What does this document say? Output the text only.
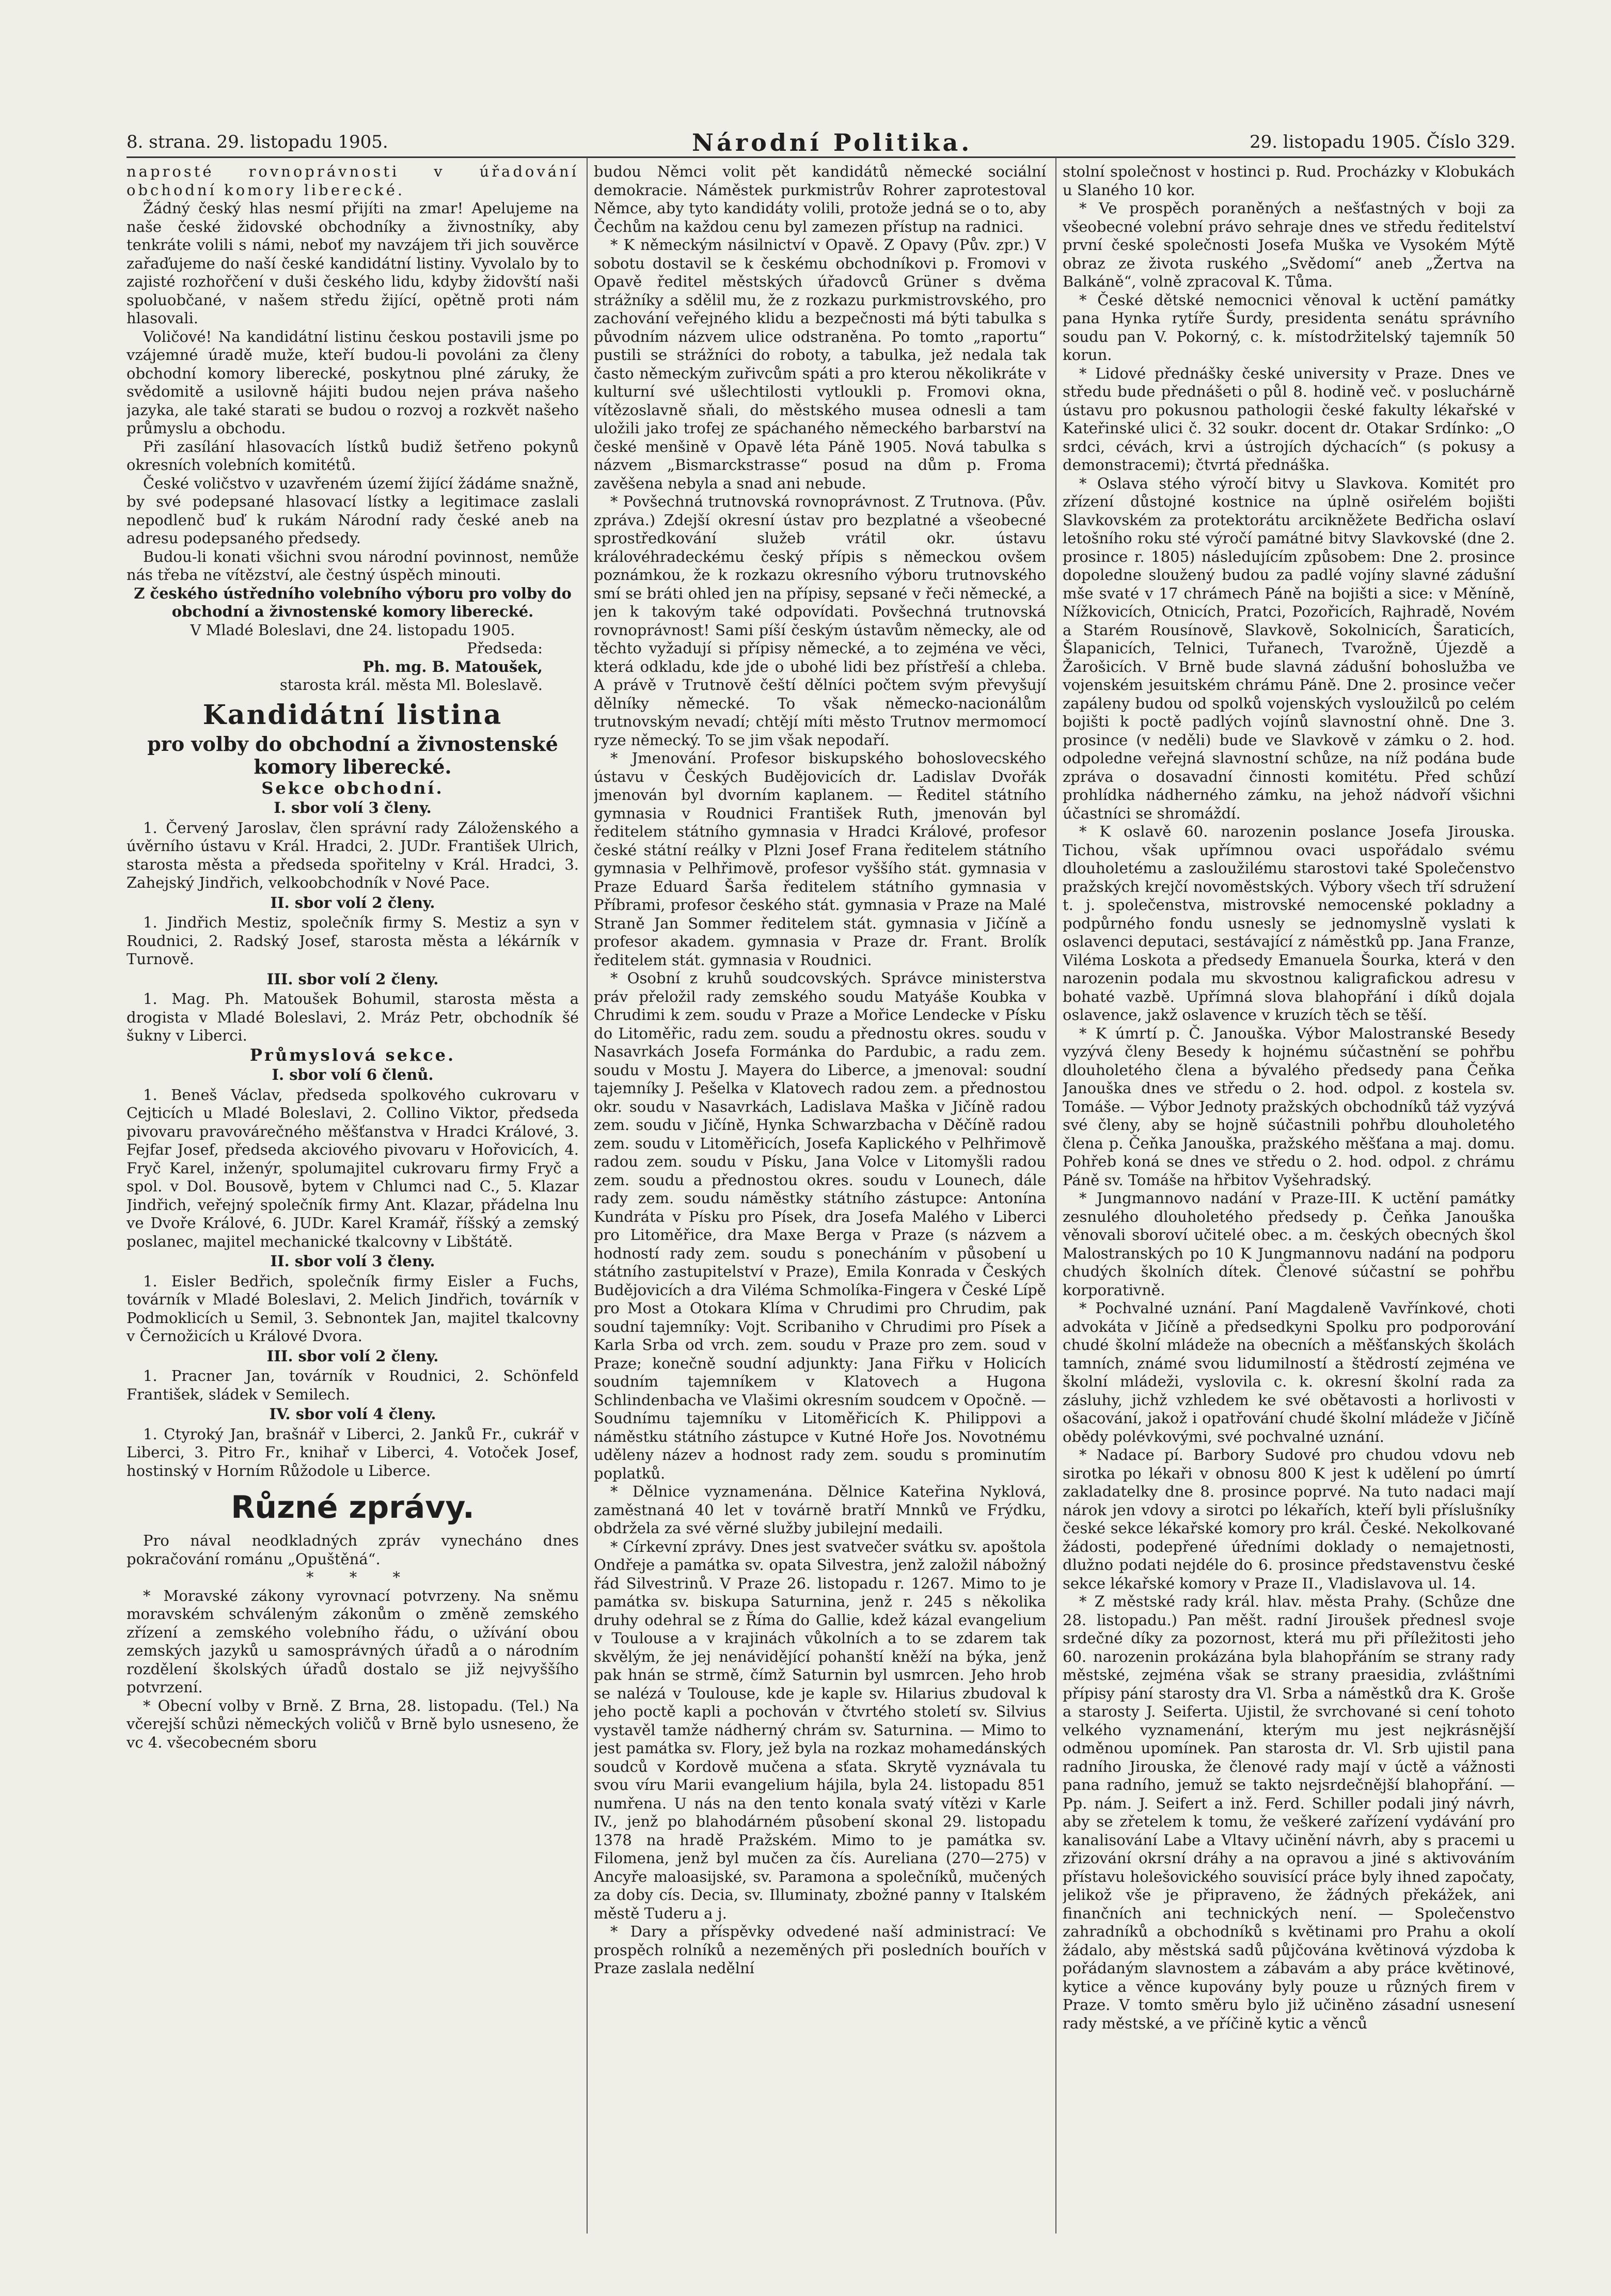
8. strana. 29. listopadu 1905.	Národní Politika.	29. listopadu 1905. Číslo 329.

naprosté rovnoprávnosti v úřadování obchodní komory liberecké.

Žádný český hlas nesmí přijíti na zmar! Apelujeme na naše české židovské obchodníky a živnostníky, aby tenkráte volili s námi, neboť my navzájem tři jich souvěrce zařaďujeme do naší české kandidátní listiny. Vyvolalo by to zajisté rozhořčení v duši českého lidu, kdyby židovští naši spoluobčané, v našem středu žijící, opětně proti nám hlasovali.

Voličové! Na kandidátní listinu českou postavili jsme po vzájemné úradě muže, kteří budou-li povoláni za členy obchodní komory liberecké, poskytnou plné záruky, že svědomitě a usilovně hájiti budou nejen práva našeho jazyka, ale také starati se budou o rozvoj a rozkvět našeho průmyslu a obchodu.

Při zasílání hlasovacích lístků budiž šetřeno pokynů okresních volebních komitétů.

České voličstvo v uzavřeném území žijící žádáme snažně, by své podepsané hlasovací lístky a legitimace zaslali nepodlenč buď k rukám Národní rady české aneb na adresu podepsaného předsedy.

Budou-li konati všichni svou národní povinnost, nemůže nás třeba ne vítězství, ale čestný úspěch minouti.

Z českého ústředního volebního výboru pro volby do obchodní a živnostenské komory liberecké.

V Mladé Boleslavi, dne 24. listopadu 1905.

Předseda:

Ph. mg. B. Matoušek,

starosta král. města Ml. Boleslavě.

Kandidátní listina
pro volby do obchodní a živnostenské komory liberecké.
Sekce obchodní.
I. sbor volí 3 členy.

1. Červený Jaroslav, člen správní rady Záloženského a úvěrního ústavu v Král. Hradci, 2. JUDr. František Ulrich, starosta města a předseda spořitelny v Král. Hradci, 3. Zahejský Jindřich, velkoobchodník v Nové Pace.

II. sbor volí 2 členy.

1. Jindřich Mestiz, společník firmy S. Mestiz a syn v Roudnici, 2. Radský Josef, starosta města a lékárník v Turnově.

III. sbor volí 2 členy.

1. Mag. Ph. Matoušek Bohumil, starosta města a drogista v Mladé Boleslavi, 2. Mráz Petr, obchodník šé šukny v Liberci.

Průmyslová sekce.
I. sbor volí 6 členů.

1. Beneš Václav, předseda spolkového cukrovaru v Cejticích u Mladé Boleslavi, 2. Collino Viktor, předseda pivovaru pravovárečného měšťanstva v Hradci Králové, 3. Fejfar Josef, předseda akciového pivovaru v Hořovicích, 4. Fryč Karel, inženýr, spolumajitel cukrovaru firmy Fryč a spol. v Dol. Bousově, bytem v Chlumci nad C., 5. Klazar Jindřich, veřejný společník firmy Ant. Klazar, přádelna lnu ve Dvoře Králové, 6. JUDr. Karel Kramář, říšský a zemský poslanec, majitel mechanické tkalcovny v Libštátě.

II. sbor volí 3 členy.

1. Eisler Bedřich, společník firmy Eisler a Fuchs, továrník v Mladé Boleslavi, 2. Melich Jindřich, továrník v Podmoklicích u Semil, 3. Sebnontek Jan, majitel tkalcovny v Černožicích u Králové Dvora.

III. sbor volí 2 členy.

1. Pracner Jan, továrník v Roudnici, 2. Schönfeld František, sládek v Semilech.

IV. sbor volí 4 členy.

1. Ctyroký Jan, brašnář v Liberci, 2. Janků Fr., cukrář v Liberci, 3. Pitro Fr., knihař v Liberci, 4. Votoček Josef, hostinský v Horním Růžodole u Liberce.

Různé zprávy.

Pro nával neodkladných zpráv vynecháno dnes pokračování románu „Opuštěná“.

* * *

* Moravské zákony vyrovnací potvrzeny. Na sněmu moravském schváleným zákonům o změně zemského zřízení a zemského volebního řádu, o užívání obou zemských jazyků u samosprávných úřadů a o národním rozdělení školských úřadů dostalo se již nejvyššího potvrzení.

* Obecní volby v Brně. Z Brna, 28. listopadu. (Tel.) Na včerejší schůzi německých voličů v Brně bylo usneseno, že vc 4. všecobecném sboru

budou Němci volit pět kandidátů německé sociální demokracie. Náměstek purkmistrův Rohrer zaprotestoval Němce, aby tyto kandidáty volili, protože jedná se o to, aby Čechům na každou cenu byl zamezen přístup na radnici.

* K německým násilnictví v Opavě. Z Opavy (Pův. zpr.) V sobotu dostavil se k českému obchodníkovi p. Fromovi v Opavě ředitel městských úřadovců Grüner s dvěma strážníky a sdělil mu, že z rozkazu purkmistrovského, pro zachování veřejného klidu a bezpečnosti má býti tabulka s původním názvem ulice odstraněna. Po tomto „raportu“ pustili se strážníci do roboty, a tabulka, jež nedala tak často německým zuřivcům spáti a pro kterou několikráte v kulturní své ušlechtilosti vytloukli p. Fromovi okna, vítězoslavně sňali, do městského musea odnesli a tam uložili jako trofej ze spáchaného německého barbarství na české menšině v Opavě léta Páně 1905. Nová tabulka s názvem „Bismarckstrasse“ posud na dům p. Froma zavěšena nebyla a snad ani nebude.

* Povšechná trutnovská rovnoprávnost. Z Trutnova. (Pův. zpráva.) Zdejší okresní ústav pro bezplatné a všeobecné sprostředkování služeb vrátil okr. ústavu královéhradeckému český přípis s německou ovšem poznámkou, že k rozkazu okresního výboru trutnovského smí se bráti ohled jen na přípisy, sepsané v řeči německé, a jen k takovým také odpovídati. Povšechná trutnovská rovnoprávnost! Sami píší českým ústavům německy, ale od těchto vyžadují si přípisy německé, a to zejména ve věci, která odkladu, kde jde o ubohé lidi bez přístřeší a chleba. A právě v Trutnově čeští dělníci počtem svým převyšují dělníky německé. To však německo-nacionálům trutnovským nevadí; chtějí míti město Trutnov mermomocí ryze německý. To se jim však nepodaří.

* Jmenování. Profesor biskupského bohoslovecského ústavu v Českých Budějovicích dr. Ladislav Dvořák jmenován byl dvorním kaplanem. — Ředitel státního gymnasia v Roudnici František Ruth, jmenován byl ředitelem státního gymnasia v Hradci Králové, profesor české státní reálky v Plzni Josef Frana ředitelem státního gymnasia v Pelhřimově, profesor vyššího stát. gymnasia v Praze Eduard Šarša ředitelem státního gymnasia v Příbrami, profesor českého stát. gymnasia v Praze na Malé Straně Jan Sommer ředitelem stát. gymnasia v Jičíně a profesor akadem. gymnasia v Praze dr. Frant. Brolík ředitelem stát. gymnasia v Roudnici.

* Osobní z kruhů soudcovských. Správce ministerstva práv přeložil rady zemského soudu Matyáše Koubka v Chrudimi k zem. soudu v Praze a Mořice Lendecke v Písku do Litoměřic, radu zem. soudu a přednostu okres. soudu v Nasavrkách Josefa Formánka do Pardubic, a radu zem. soudu v Mostu J. Mayera do Liberce, a jmenoval: soudní tajemníky J. Pešelka v Klatovech radou zem. a přednostou okr. soudu v Nasavrkách, Ladislava Maška v Jičíně radou zem. soudu v Jičíně, Hynka Schwarzbacha v Děčíně radou zem. soudu v Litoměřicích, Josefa Kaplického v Pelhřimově radou zem. soudu v Písku, Jana Volce v Litomyšli radou zem. soudu a přednostou okres. soudu v Lounech, dále rady zem. soudu náměstky státního zástupce: Antonína Kundráta v Písku pro Písek, dra Josefa Malého v Liberci pro Litoměřice, dra Maxe Berga v Praze (s názvem a hodností rady zem. soudu s ponecháním v působení u státního zastupitelství v Praze), Emila Konrada v Českých Budějovicích a dra Viléma Schmolíka-Fingera v České Lípě pro Most a Otokara Klíma v Chrudimi pro Chrudim, pak soudní tajemníky: Vojt. Scribaniho v Chrudimi pro Písek a Karla Srba od vrch. zem. soudu v Praze pro zem. soud v Praze; konečně soudní adjunkty: Jana Fiřku v Holicích soudním tajemníkem v Klatovech a Hugona Schlindenbacha ve Vlašimi okresním soudcem v Opočně. — Soudnímu tajemníku v Litoměřicích K. Philippovi a náměstku státního zástupce v Kutné Hoře Jos. Novotnému uděleny název a hodnost rady zem. soudu s prominutím poplatků.

* Dělnice vyznamenána. Dělnice Kateřina Nyklová, zaměstnaná 40 let v továrně bratří Mnnků ve Frýdku, obdržela za své věrné služby jubilejní medaili.

* Církevní zprávy. Dnes jest svatvečer svátku sv. apoštola Ondřeje a památka sv. opata Silvestra, jenž založil nábožný řád Silvestrinů. V Praze 26. listopadu r. 1267. Mimo to je památka sv. biskupa Saturnina, jenž r. 245 s několika druhy odehral se z Říma do Gallie, kdež kázal evangelium v Toulouse a v krajinách vůkolních a to se zdarem tak skvělým, že jej nenávidějící pohanští kněží na býka, jenž pak hnán se strmě, čímž Saturnin byl usmrcen. Jeho hrob se nalézá v Toulouse, kde je kaple sv. Hilarius zbudoval k jeho poctě kapli a pochován v čtvrtého století sv. Silvius vystavěl tamže nádherný chrám sv. Saturnina. — Mimo to jest památka sv. Flory, jež byla na rozkaz mohamedánských soudců v Kordově mučena a sťata. Skrytě vyznávala tu svou víru Marii evangelium hájila, byla 24. listopadu 851 numřena. U nás na den tento konala svatý vítězi v Karle IV., jenž po blahodárném působení skonal 29. listopadu 1378 na hradě Pražském. Mimo to je památka sv. Filomena, jenž byl mučen za čís. Aureliana (270—275) v Ancyře maloasijské, sv. Paramona a společníků, mučených za doby cís. Decia, sv. Illuminaty, zbožné panny v Italském městě Tuderu a j.

* Dary a příspěvky odvedené naší administrací: Ve prospěch rolníků a nezeměných při posledních bouřích v Praze zaslala nedělní

stolní společnost v hostinci p. Rud. Procházky v Klobukách u Slaného 10 kor.

* Ve prospěch poraněných a nešťastných v boji za všeobecné volební právo sehraje dnes ve středu ředitelství první české společnosti Josefa Muška ve Vysokém Mýtě obraz ze života ruského „Svědomí“ aneb „Žertva na Balkáně“, volně zpracoval K. Tůma.

* České dětské nemocnici věnoval k uctění památky pana Hynka rytíře Šurdy, presidenta senátu správního soudu pan V. Pokorný, c. k. místodržitelský tajemník 50 korun.

* Lidové přednášky české university v Praze. Dnes ve středu bude přednášeti o půl 8. hodině več. v posluchárně ústavu pro pokusnou pathologii české fakulty lékařské v Kateřinské ulici č. 32 soukr. docent dr. Otakar Srdínko: „O srdci, cévách, krvi a ústrojích dýchacích“ (s pokusy a demonstracemi); čtvrtá přednáška.

* Oslava stého výročí bitvy u Slavkova. Komitét pro zřízení důstojné kostnice na úplně osiřelém bojišti Slavkovském za protektorátu arcikněžete Bedřicha oslaví letošního roku sté výročí památné bitvy Slavkovské (dne 2. prosince r. 1805) následujícím způsobem: Dne 2. prosince dopoledne sloužený budou za padlé vojíny slavné zádušní mše svaté v 17 chrámech Páně na bojišti a sice: v Měníně, Nížkovicích, Otnicích, Pratci, Pozořicích, Rajhradě, Novém a Starém Rousínově, Slavkově, Sokolnicích, Šaraticích, Šlapanicích, Telnici, Tuřanech, Tvarožně, Újezdě a Žarošicích. V Brně bude slavná zádušní bohoslužba ve vojenském jesuitském chrámu Páně. Dne 2. prosince večer zapáleny budou od spolků vojenských vysloužilců po celém bojišti k poctě padlých vojínů slavnostní ohně. Dne 3. prosince (v neděli) bude ve Slavkově v zámku o 2. hod. odpoledne veřejná slavnostní schůze, na níž podána bude zpráva o dosavadní činnosti komitétu. Před schůzí prohlídka nádherného zámku, na jehož nádvoří všichni účastníci se shromáždí.

* K oslavě 60. narozenin poslance Josefa Jirouska. Tichou, však upřímnou ovaci uspořádalo svému dlouholetému a zasloužilému starostovi také Společenstvo pražských krejčí novoměstských. Výbory všech tří sdružení t. j. společenstva, mistrovské nemocenské pokladny a podpůrného fondu usnesly se jednomyslně vyslati k oslavenci deputaci, sestávající z náměstků pp. Jana Franze, Viléma Loskota a předsedy Emanuela Šourka, která v den narozenin podala mu skvostnou kaligrafickou adresu v bohaté vazbě. Upřímná slova blahopřání i díků dojala oslavence, jakž oslavence v kruzích těch se těší.

* K úmrtí p. Č. Janouška. Výbor Malostranské Besedy vyzývá členy Besedy k hojnému súčastnění se pohřbu dlouholetého člena a bývalého předsedy pana Čeňka Janouška dnes ve středu o 2. hod. odpol. z kostela sv. Tomáše. — Výbor Jednoty pražských obchodníků táž vyzývá své členy, aby se hojně súčastnili pohřbu dlouholetého člena p. Čeňka Janouška, pražského měšťana a maj. domu. Pohřeb koná se dnes ve středu o 2. hod. odpol. z chrámu Páně sv. Tomáše na hřbitov Vyšehradský.

* Jungmannovo nadání v Praze-III. K uctění památky zesnulého dlouholetého předsedy p. Čeňka Janouška věnovali sboroví učitelé obec. a m. českých obecných škol Malostranských po 10 K Jungmannovu nadání na podporu chudých školních dítek. Členové súčastní se pohřbu korporativně.

* Pochvalné uznání. Paní Magdaleně Vavřínkové, choti advokáta v Jičíně a předsedkyni Spolku pro podporování chudé školní mládeže na obecních a měšťanských školách tamních, známé svou lidumilností a štědrostí zejména ve školní mládeži, vyslovila c. k. okresní školní rada za zásluhy, jichž vzhledem ke své obětavosti a horlivosti v ošacování, jakož i opatřování chudé školní mládeže v Jičíně obědy polévkovými, své pochvalné uznání.

* Nadace pí. Barbory Sudové pro chudou vdovu neb sirotka po lékaři v obnosu 800 K jest k udělení po úmrtí zakladatelky dne 8. prosince poprvé. Na tuto nadaci mají nárok jen vdovy a sirotci po lékařích, kteří byli příslušníky české sekce lékařské komory pro král. České. Nekolkované žádosti, podepřené úředními doklady o nemajetnosti, dlužno podati nejdéle do 6. prosince představenstvu české sekce lékařské komory v Praze II., Vladislavova ul. 14.

* Z městské rady král. hlav. města Prahy. (Schůze dne 28. listopadu.) Pan měšt. radní Jiroušek přednesl svoje srdečné díky za pozornost, která mu při příležitosti jeho 60. narozenin prokázána byla blahopřáním se strany rady městské, zejména však se strany praesidia, zvláštními přípisy pání starosty dra Vl. Srba a náměstků dra K. Groše a starosty J. Seiferta. Ujistil, že svrchované si cení tohoto velkého vyznamenání, kterým mu jest nejkrásnější odměnou upomínek. Pan starosta dr. Vl. Srb ujistil pana radního Jirouska, že členové rady mají v úctě a vážnosti pana radního, jemuž se takto nejsrdečnější blahopřání. — Pp. nám. J. Seifert a inž. Ferd. Schiller podali jiný návrh, aby se zřetelem k tomu, že veškeré zařízení vydávání pro kanalisování Labe a Vltavy učinění návrh, aby s pracemi u zřizování okrsní dráhy a na opravou a jiné s aktivováním přístavu holešovického souvisící práce byly ihned započaty, jelikož vše je připraveno, že žádných překážek, ani finančních ani technických není. — Společenstvo zahradníků a obchodníků s květinami pro Prahu a okolí žádalo, aby městská sadů půjčována květinová výzdoba k pořádaným slavnostem a zábavám a aby práce květinové, kytice a věnce kupovány byly pouze u různých firem v Praze. V tomto směru bylo již učiněno zásadní usnesení rady městské, a ve příčině kytic a věnců
